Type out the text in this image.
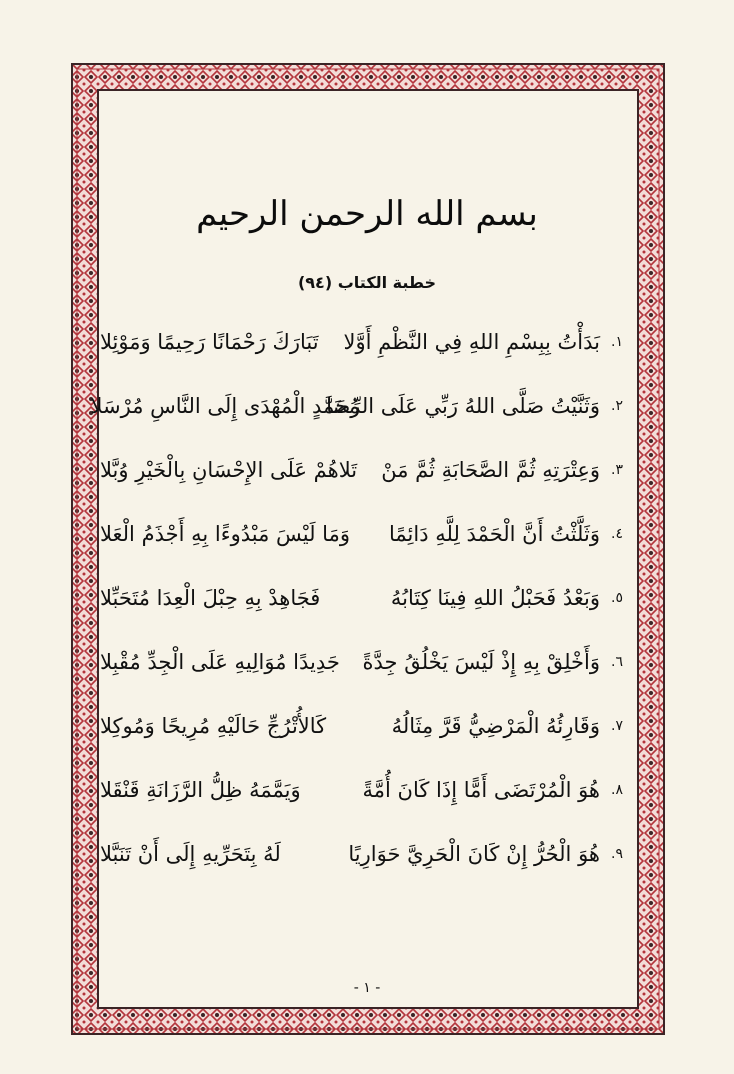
بسم الله الرحمن الرحيم
خطبة الكتاب (٩٤)
١.
بَدَأْتُ بِبِسْمِ اللهِ فِي النَّظْمِ أَوَّلا
تَبَارَكَ رَحْمَانًا رَحِيمًا وَمَوْئِلا
٢.
وَثَنَّيْتُ صَلَّى اللهُ رَبِّي عَلَى الرِّضَا
مُحَمَّدٍ الْمُهْدَى إِلَى النَّاسِ مُرْسَلا
٣.
وَعِتْرَتِهِ ثُمَّ الصَّحَابَةِ ثُمَّ مَنْ
تَلاهُمْ عَلَى الإِحْسَانِ بِالْخَيْرِ وُبَّلا
٤.
وَثَلَّثْتُ أَنَّ الْحَمْدَ لِلَّهِ دَائِمًا
وَمَا لَيْسَ مَبْدُوءًا بِهِ أَجْذَمُ الْعَلا
٥.
وَبَعْدُ فَحَبْلُ اللهِ فِينَا كِتَابُهُ
فَجَاهِدْ بِهِ حِبْلَ الْعِدَا مُتَحَبِّلا
٦.
وَأَخْلِقْ بِهِ إِذْ لَيْسَ يَخْلُقُ جِدَّةً
جَدِيدًا مُوَالِيهِ عَلَى الْجِدِّ مُقْبِلا
٧.
وَقَارِئُهُ الْمَرْضِيُّ قَرَّ مِثَالُهُ
كَالأُتْرُجِّ حَالَيْهِ مُرِيحًا وَمُوكِلا
٨.
هُوَ الْمُرْتَضَى أَمًّا إِذَا كَانَ أُمَّةً
وَيَمَّمَهُ ظِلُّ الرَّزَانَةِ قَنْقَلا
٩.
هُوَ الْحُرُّ إِنْ كَانَ الْحَرِيَّ حَوَارِيًا
لَهُ بِتَحَرِّيهِ إِلَى أَنْ تَنَبَّلا
- ١ -
